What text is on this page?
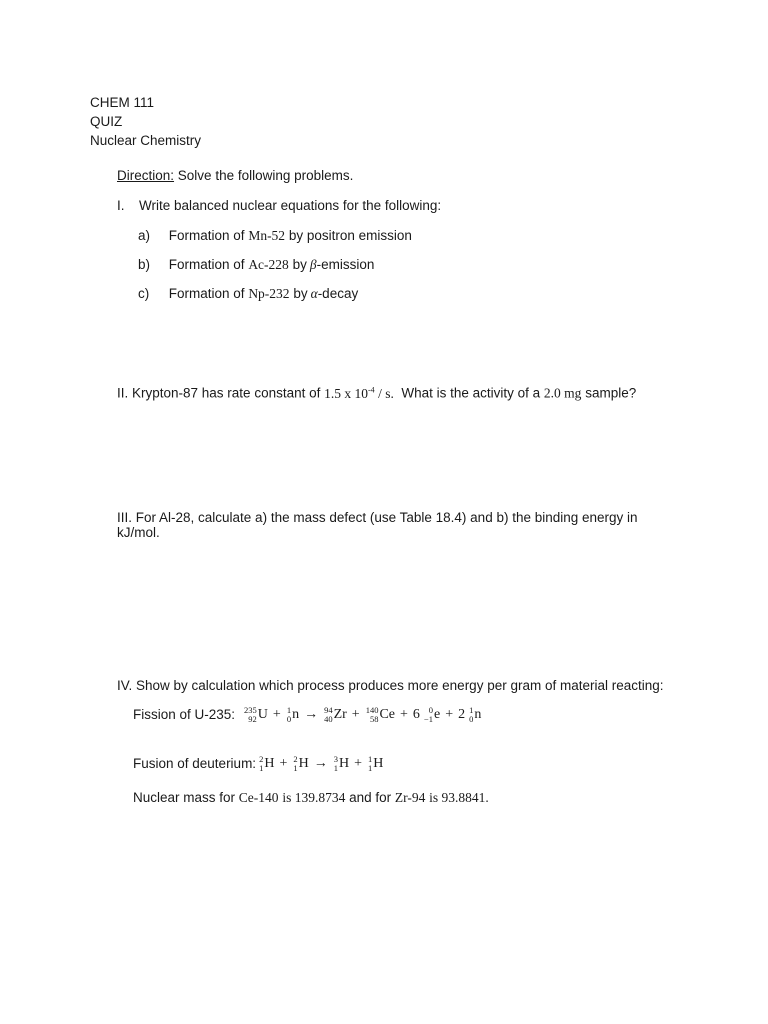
CHEM 111
QUIZ
Nuclear Chemistry
Direction: Solve the following problems.
I. Write balanced nuclear equations for the following:
a) Formation of Mn-52 by positron emission
b) Formation of Ac-228 by β-emission
c) Formation of Np-232 by α-decay
II. Krypton-87 has rate constant of 1.5 x $10^{-4}$ / s. What is the activity of a 2.0 mg sample?
III. For Al-28, calculate a) the mass defect (use Table 18.4) and b) the binding energy in
kJ/mol.
IV. Show by calculation which process produces more energy per gram of material reacting:
Fission of U-235: 235
92 U + 1
0 n → 94
40 Zr + 140
58 Ce + 6 0
−1 e + 2 1
0 n
Fusion of deuterium: 2
1 H + 2
1 H → 3
1 H + 1
1 H
Nuclear mass for Ce-140 is 139.8734 and for Zr-94 is 93.8841.
